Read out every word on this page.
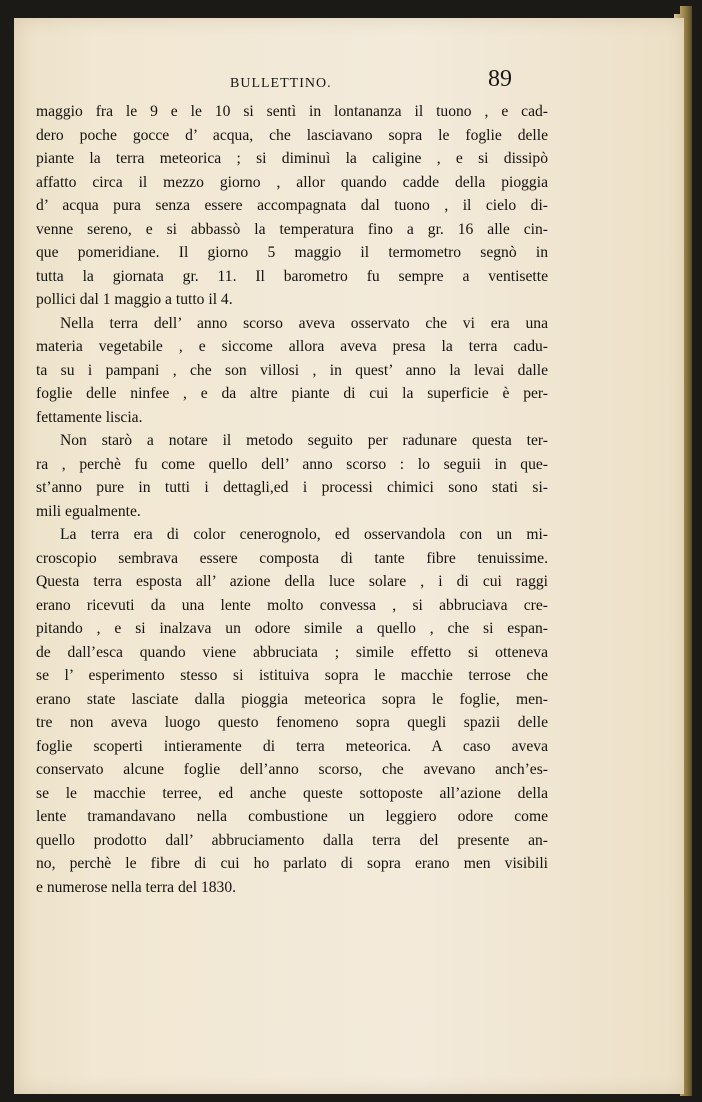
BULLETTINO.	89
maggio fra le 9 e le 10 si sentì in lontananza il tuono , e cad-
dero poche gocce d’ acqua, che lasciavano sopra le foglie delle
piante la terra meteorica ; si diminuì la caligine , e si dissipò
affatto circa il mezzo giorno , allor quando cadde della pioggia
d’ acqua pura senza essere accompagnata dal tuono , il cielo di-
venne sereno, e si abbassò la temperatura fino a gr. 16 alle cin-
que pomeridiane. Il giorno 5 maggio il termometro segnò in
tutta la giornata gr. 11. Il barometro fu sempre a ventisette
pollici dal 1 maggio a tutto il 4.
Nella terra dell’ anno scorso aveva osservato che vi era una
materia vegetabile , e siccome allora aveva presa la terra cadu-
ta su i pampani , che son villosi , in quest’ anno la levai dalle
foglie delle ninfee , e da altre piante di cui la superficie è per-
fettamente liscia.
Non starò a notare il metodo seguito per radunare questa ter-
ra , perchè fu come quello dell’ anno scorso : lo seguii in que-
st’anno pure in tutti i dettagli,ed i processi chimici sono stati si-
mili egualmente.
La terra era di color cenerognolo, ed osservandola con un mi-
croscopio sembrava essere composta di tante fibre tenuissime.
Questa terra esposta all’ azione della luce solare , i di cui raggi
erano ricevuti da una lente molto convessa , si abbruciava cre-
pitando , e si inalzava un odore simile a quello , che si espan-
de dall’esca quando viene abbruciata ; simile effetto si otteneva
se l’ esperimento stesso si istituiva sopra le macchie terrose che
erano state lasciate dalla pioggia meteorica sopra le foglie, men-
tre non aveva luogo questo fenomeno sopra quegli spazii delle
foglie scoperti intieramente di terra meteorica. A caso aveva
conservato alcune foglie dell’anno scorso, che avevano anch’es-
se le macchie terree, ed anche queste sottoposte all’azione della
lente tramandavano nella combustione un leggiero odore come
quello prodotto dall’ abbruciamento dalla terra del presente an-
no, perchè le fibre di cui ho parlato di sopra erano men visibili
e numerose nella terra del 1830.
